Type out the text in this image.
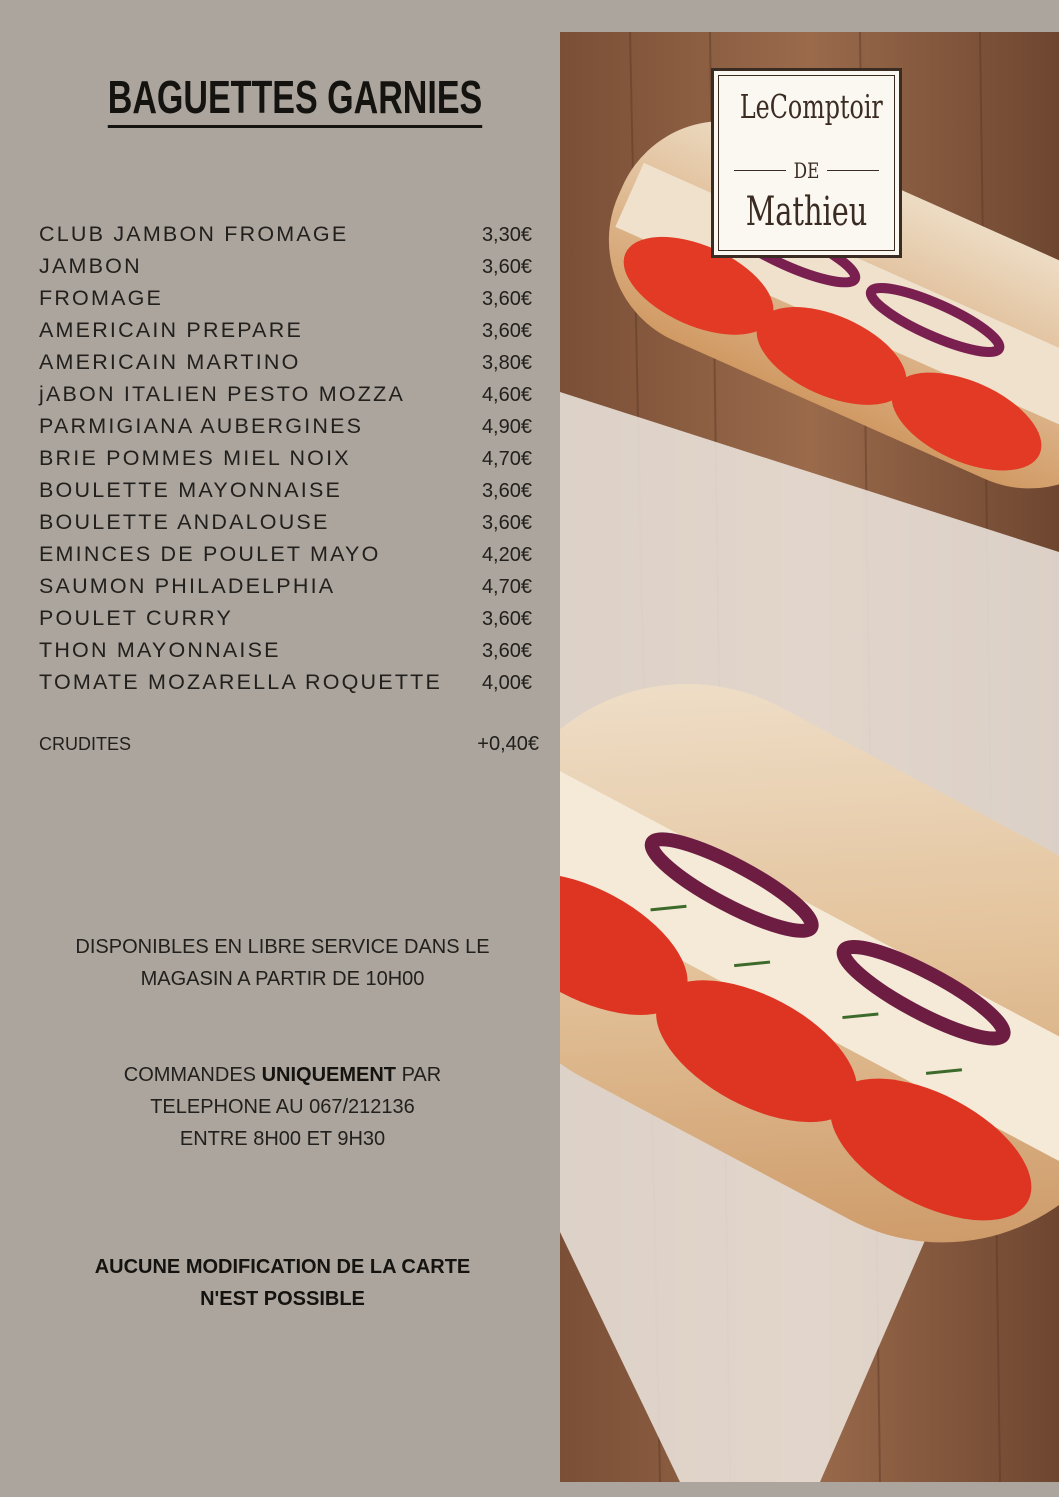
BAGUETTES GARNIES
CLUB JAMBON FROMAGE	3,30€
JAMBON	3,60€
FROMAGE	3,60€
AMERICAIN PREPARE	3,60€
AMERICAIN MARTINO	3,80€
jABON ITALIEN PESTO MOZZA	4,60€
PARMIGIANA AUBERGINES	4,90€
BRIE POMMES MIEL NOIX	4,70€
BOULETTE MAYONNAISE	3,60€
BOULETTE ANDALOUSE	3,60€
EMINCES DE POULET MAYO	4,20€
SAUMON PHILADELPHIA	4,70€
POULET CURRY	3,60€
THON MAYONNAISE	3,60€
TOMATE MOZARELLA ROQUETTE 4,00€
CRUDITES	+0,40€
DISPONIBLES EN LIBRE SERVICE DANS LE
MAGASIN A PARTIR DE 10H00
COMMANDES UNIQUEMENT PAR
TELEPHONE AU 067/212136
ENTRE 8H00 ET 9H30
AUCUNE MODIFICATION DE LA CARTE
N'EST POSSIBLE
LeComptoir
DE
Mathieu
